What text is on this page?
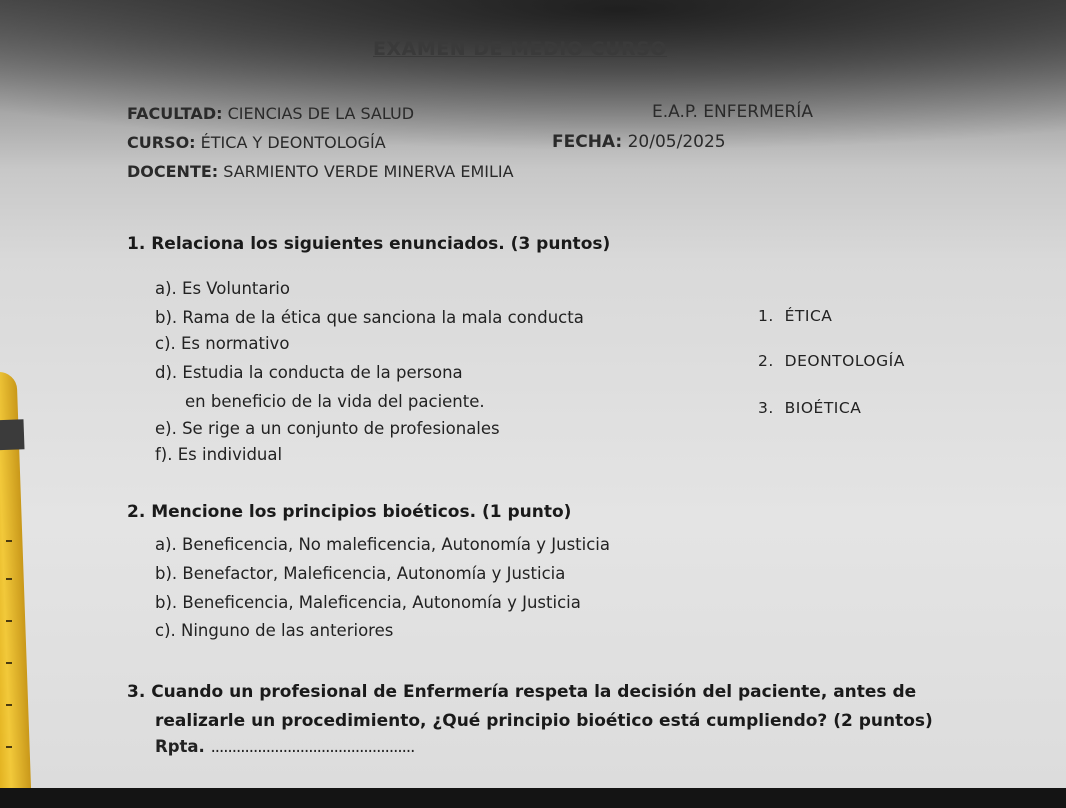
EXAMEN DE MEDIO CURSO
FACULTAD: CIENCIAS DE LA SALUD	E.A.P. ENFERMERÍA
CURSO: ÉTICA Y DEONTOLOGÍA	FECHA: 20/05/2025
DOCENTE: SARMIENTO VERDE MINERVA EMILIA
1. Relaciona los siguientes enunciados. (3 puntos)
a). Es Voluntario
b). Rama de la ética que sanciona la mala conducta
c). Es normativo
d). Estudia la conducta de la persona
en beneficio de la vida del paciente.
e). Se rige a un conjunto de profesionales
f). Es individual
1.  ÉTICA
2.  DEONTOLOGÍA
3.  BIOÉTICA
2. Mencione los principios bioéticos. (1 punto)
a). Beneficencia, No maleficencia, Autonomía y Justicia
b). Benefactor, Maleficencia, Autonomía y Justicia
b). Beneficencia, Maleficencia, Autonomía y Justicia
c). Ninguno de las anteriores
3. Cuando un profesional de Enfermería respeta la decisión del paciente, antes de
realizarle un procedimiento, ¿Qué principio bioético está cumpliendo? (2 puntos)
Rpta. ................................................
